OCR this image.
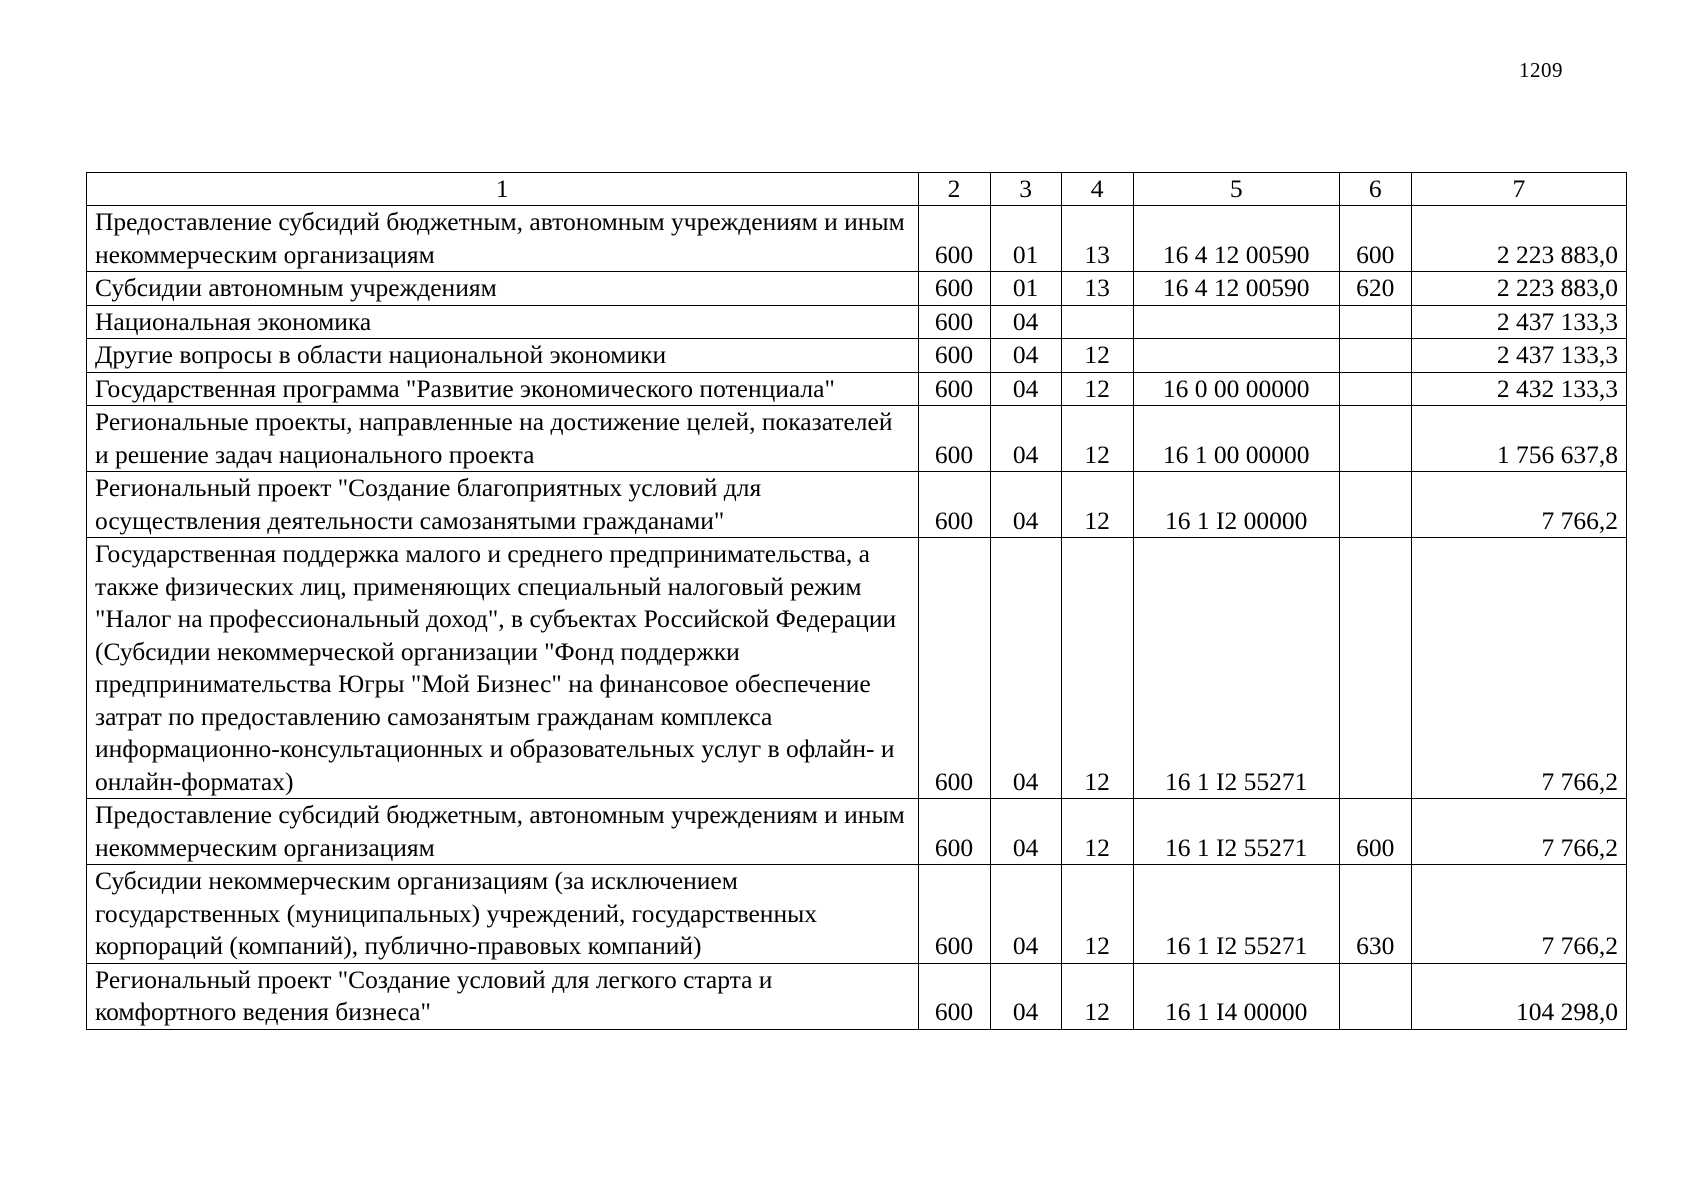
1209
1	2	3	4	5	6	7
Предоставление субсидий бюджетным, автономным учреждениям и иным некоммерческим организациям	600	01	13	16 4 12 00590	600	2 223 883,0
Субсидии автономным учреждениям	600	01	13	16 4 12 00590	620	2 223 883,0
Национальная экономика	600	04				2 437 133,3
Другие вопросы в области национальной экономики	600	04	12			2 437 133,3
Государственная программа "Развитие экономического потенциала"	600	04	12	16 0 00 00000		2 432 133,3
Региональные проекты, направленные на достижение целей, показателей и решение задач национального проекта	600	04	12	16 1 00 00000		1 756 637,8
Региональный проект "Создание благоприятных условий для осуществления деятельности самозанятыми гражданами"	600	04	12	16 1 I2 00000		7 766,2
Государственная поддержка малого и среднего предпринимательства, а также физических лиц, применяющих специальный налоговый режим "Налог на профессиональный доход", в субъектах Российской Федерации (Субсидии некоммерческой организации "Фонд поддержки предпринимательства Югры "Мой Бизнес" на финансовое обеспечение затрат по предоставлению самозанятым гражданам комплекса информационно-консультационных и образовательных услуг в офлайн- и онлайн-форматах)	600	04	12	16 1 I2 55271		7 766,2
Предоставление субсидий бюджетным, автономным учреждениям и иным некоммерческим организациям	600	04	12	16 1 I2 55271	600	7 766,2
Субсидии некоммерческим организациям (за исключением государственных (муниципальных) учреждений, государственных корпораций (компаний), публично-правовых компаний)	600	04	12	16 1 I2 55271	630	7 766,2
Региональный проект "Создание условий для легкого старта и комфортного ведения бизнеса"	600	04	12	16 1 I4 00000		104 298,0
